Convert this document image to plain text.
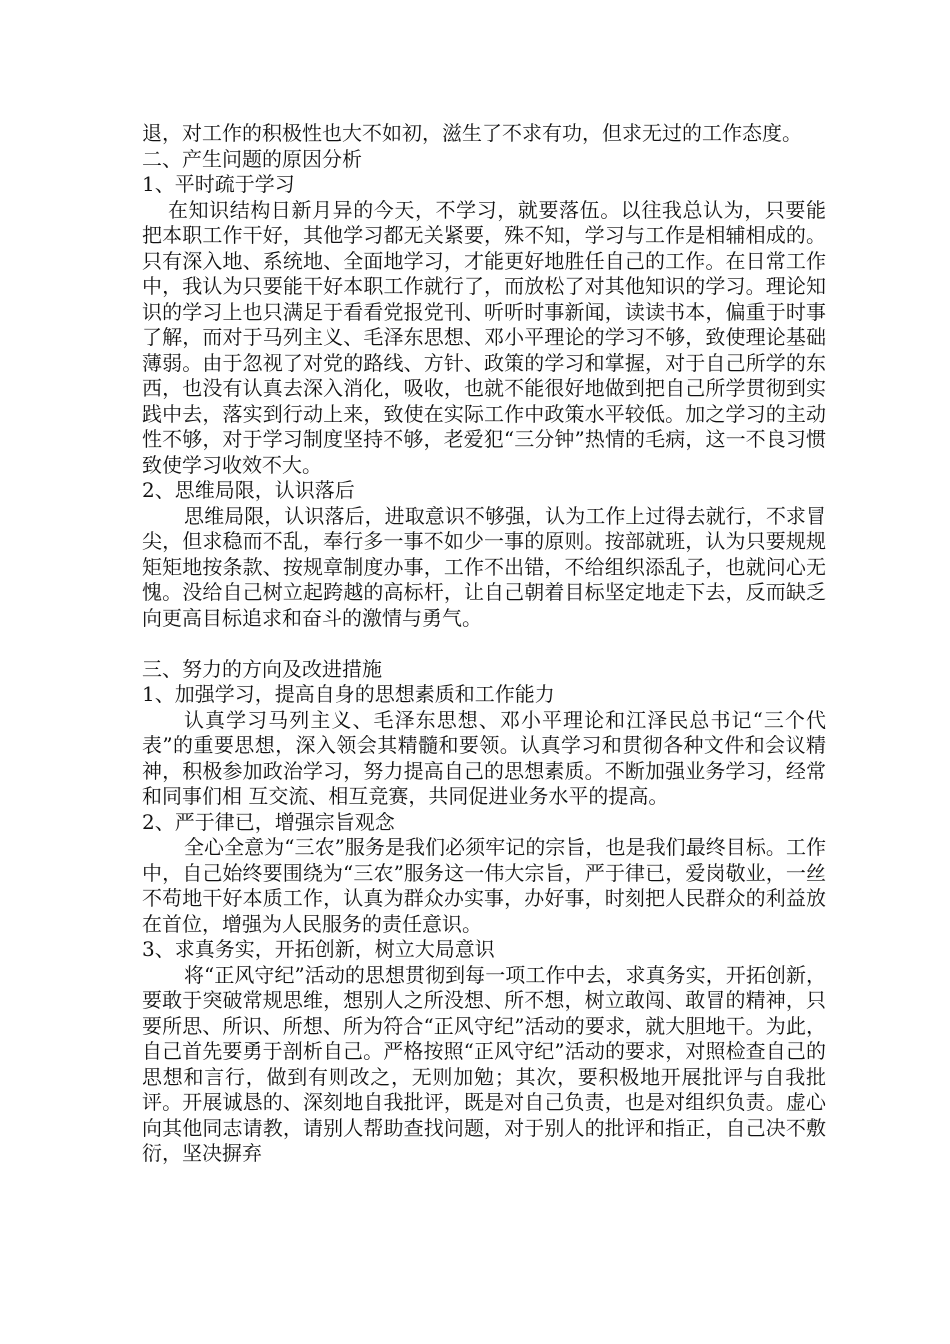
退，对工作的积极性也大不如初，滋生了不求有功，但求无过的工作态度。
二、产生问题的原因分析
1、平时疏于学习
在知识结构日新月异的今天，不学习，就要落伍。以往我总认为，只要能把本职工作干好，其他学习都无关紧要，殊不知，学习与工作是相辅相成的。只有深入地、系统地、全面地学习，才能更好地胜任自己的工作。在日常工作中，我认为只要能干好本职工作就行了，而放松了对其他知识的学习。理论知识的学习上也只满足于看看党报党刊、听听时事新闻，读读书本，偏重于时事了解，而对于马列主义、毛泽东思想、邓小平理论的学习不够，致使理论基础薄弱。由于忽视了对党的路线、方针、政策的学习和掌握，对于自己所学的东西，也没有认真去深入消化，吸收，也就不能很好地做到把自己所学贯彻到实践中去，落实到行动上来，致使在实际工作中政策水平较低。加之学习的主动性不够，对于学习制度坚持不够，老爱犯“三分钟”热情的毛病，这一不良习惯致使学习收效不大。
2、思维局限，认识落后
思维局限，认识落后，进取意识不够强，认为工作上过得去就行，不求冒尖，但求稳而不乱，奉行多一事不如少一事的原则。按部就班，认为只要规规矩矩地按条款、按规章制度办事，工作不出错，不给组织添乱子，也就问心无愧。没给自己树立起跨越的高标杆，让自己朝着目标坚定地走下去，反而缺乏向更高目标追求和奋斗的激情与勇气。
三、努力的方向及改进措施
1、加强学习，提高自身的思想素质和工作能力
认真学习马列主义、毛泽东思想、邓小平理论和江泽民总书记“三个代表”的重要思想，深入领会其精髓和要领。认真学习和贯彻各种文件和会议精神，积极参加政治学习，努力提高自己的思想素质。不断加强业务学习，经常和同事们相 互交流、相互竞赛，共同促进业务水平的提高。
2、严于律已，增强宗旨观念
全心全意为“三农”服务是我们必须牢记的宗旨，也是我们最终目标。工作中，自己始终要围绕为“三农”服务这一伟大宗旨，严于律已，爱岗敬业，一丝不苟地干好本质工作，认真为群众办实事，办好事，时刻把人民群众的利益放在首位，增强为人民服务的责任意识。
3、求真务实，开拓创新，树立大局意识
将“正风守纪”活动的思想贯彻到每一项工作中去，求真务实，开拓创新，要敢于突破常规思维，想别人之所没想、所不想，树立敢闯、敢冒的精神，只要所思、所识、所想、所为符合“正风守纪”活动的要求，就大胆地干。为此，自己首先要勇于剖析自己。严格按照“正风守纪”活动的要求，对照检查自己的思想和言行，做到有则改之，无则加勉；其次，要积极地开展批评与自我批评。开展诚恳的、深刻地自我批评，既是对自己负责，也是对组织负责。虚心向其他同志请教，请别人帮助查找问题，对于别人的批评和指正，自己决不敷衍，坚决摒弃
